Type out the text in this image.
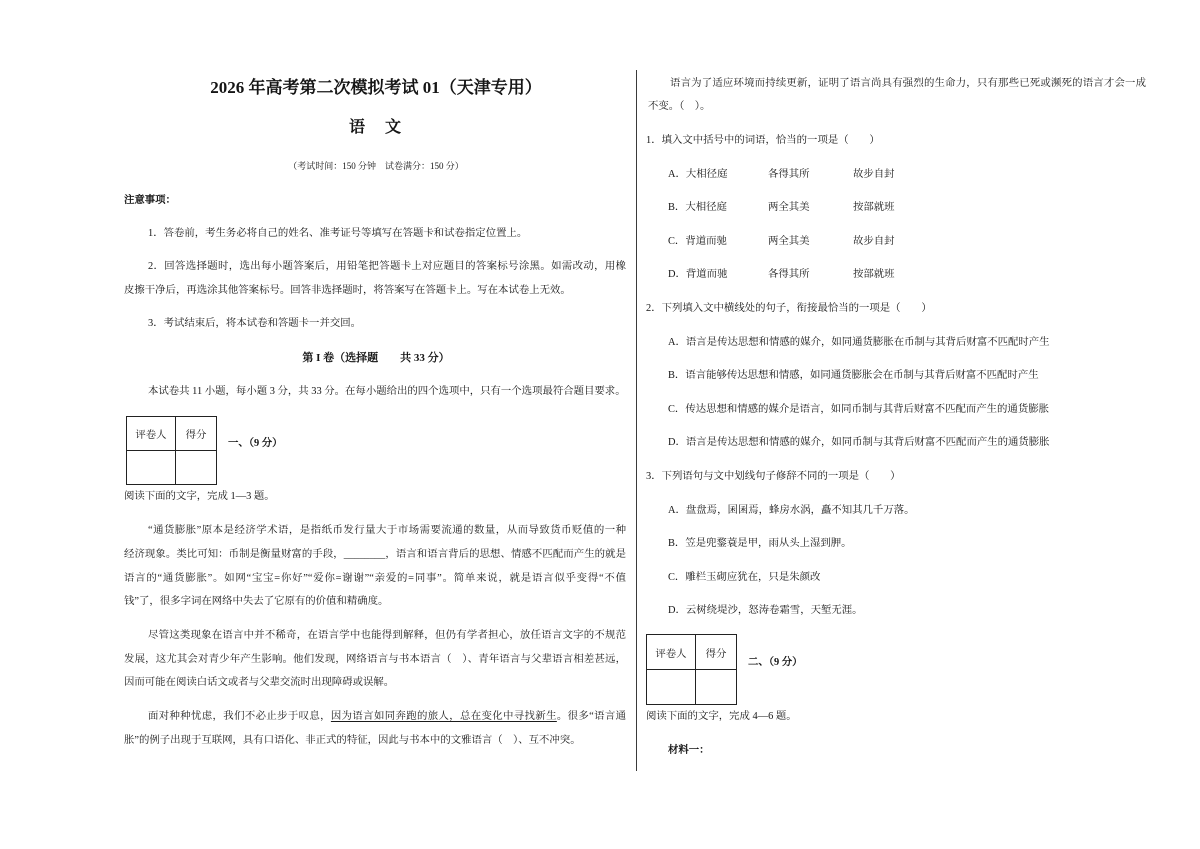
2026 年高考第二次模拟考试 01（天津专用）
语　文
（考试时间：150 分钟　试卷满分：150 分）
注意事项：
1．答卷前，考生务必将自己的姓名、准考证号等填写在答题卡和试卷指定位置上。
2．回答选择题时，选出每小题答案后，用铅笔把答题卡上对应题目的答案标号涂黑。如需改动，用橡
皮擦干净后，再选涂其他答案标号。回答非选择题时，将答案写在答题卡上。写在本试卷上无效。
3．考试结束后，将本试卷和答题卡一并交回。
第 I 卷（选择题　　共 33 分）
本试卷共 11 小题，每小题 3 分，共 33 分。在每小题给出的四个选项中，只有一个选项最符合题目要求。
评卷人	得分

一、（9 分）
阅读下面的文字，完成 1—3 题。
“通货膨胀”原本是经济学术语，是指纸币发行量大于市场需要流通的数量，从而导致货币贬值的一种
经济现象。类比可知：币制是衡量财富的手段，________，语言和语言背后的思想、情感不匹配而产生的就是
语言的“通货膨胀”。如网“宝宝=你好”“爱你=谢谢”“亲爱的=同事”。简单来说，就是语言似乎变得“不值
钱”了，很多字词在网络中失去了它原有的价值和精确度。
尽管这类现象在语言中并不稀奇，在语言学中也能得到解释，但仍有学者担心，放任语言文字的不规范
发展，这尤其会对青少年产生影响。他们发现，网络语言与书本语言（　）、青年语言与父辈语言相差甚远，
因而可能在阅读白话文或者与父辈交流时出现障碍或误解。
面对种种忧虑，我们不必止步于叹息，因为语言如同奔跑的旅人，总在变化中寻找新生。很多“语言通
胀”的例子出现于互联网，具有口语化、非正式的特征，因此与书本中的文雅语言（　）、互不冲突。
语言为了适应环境而持续更新，证明了语言尚具有强烈的生命力，只有那些已死或濒死的语言才会一成
不变。（　）。
1．填入文中括号中的词语，恰当的一项是（　　）
A．大相径庭	各得其所	故步自封
B．大相径庭	两全其美	按部就班
C．背道而驰	两全其美	故步自封
D．背道而驰	各得其所	按部就班
2．下列填入文中横线处的句子，衔接最恰当的一项是（　　）
A．语言是传达思想和情感的媒介，如同通货膨胀在币制与其背后财富不匹配时产生
B．语言能够传达思想和情感，如同通货膨胀会在币制与其背后财富不匹配时产生
C．传达思想和情感的媒介是语言，如同币制与其背后财富不匹配而产生的通货膨胀
D．语言是传达思想和情感的媒介，如同币制与其背后财富不匹配而产生的通货膨胀
3．下列语句与文中划线句子修辞不同的一项是（　　）
A．盘盘焉，囷囷焉，蜂房水涡，矗不知其几千万落。
B．笠是兜鍪蓑是甲，雨从头上湿到胛。
C．雕栏玉砌应犹在，只是朱颜改
D．云树绕堤沙，怒涛卷霜雪，天堑无涯。
评卷人	得分

二、（9 分）
阅读下面的文字，完成 4—6 题。
材料一：
